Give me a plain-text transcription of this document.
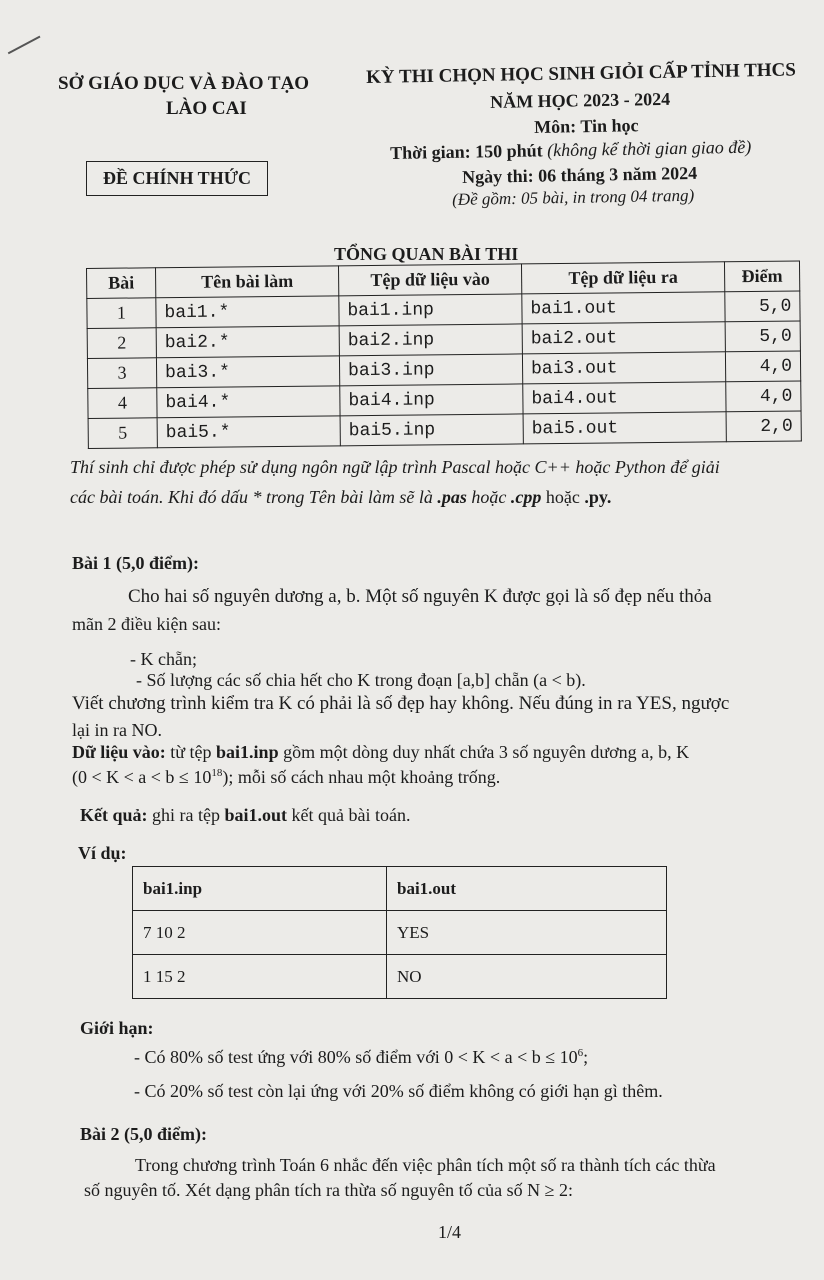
SỞ GIÁO DỤC VÀ ĐÀO TẠO
LÀO CAI
KỲ THI CHỌN HỌC SINH GIỎI CẤP TỈNH THCS
NĂM HỌC 2023 - 2024
Môn: Tin học
Thời gian: 150 phút (không kể thời gian giao đề)
Ngày thi: 06 tháng 3 năm 2024
(Đề gồm: 05 bài, in trong 04 trang)
ĐỀ CHÍNH THỨC
TỔNG QUAN BÀI THI
Bài	Tên bài làm	Tệp dữ liệu vào	Tệp dữ liệu ra	Điểm
1	bai1.*	bai1.inp	bai1.out	5,0
2	bai2.*	bai2.inp	bai2.out	5,0
3	bai3.*	bai3.inp	bai3.out	4,0
4	bai4.*	bai4.inp	bai4.out	4,0
5	bai5.*	bai5.inp	bai5.out	2,0
Thí sinh chỉ được phép sử dụng ngôn ngữ lập trình Pascal hoặc C++ hoặc Python để giải
các bài toán. Khi đó dấu * trong Tên bài làm sẽ là .pas hoặc .cpp hoặc .py.
Bài 1 (5,0 điểm):
Cho hai số nguyên dương a, b. Một số nguyên K được gọi là số đẹp nếu thỏa
mãn 2 điều kiện sau:
- K chẵn;
- Số lượng các số chia hết cho K trong đoạn [a,b] chẵn (a < b).
Viết chương trình kiểm tra K có phải là số đẹp hay không. Nếu đúng in ra YES, ngược
lại in ra NO.
Dữ liệu vào: từ tệp bai1.inp gồm một dòng duy nhất chứa 3 số nguyên dương a, b, K
$(0 < K < a < b \le 10^{18})$; mỗi số cách nhau một khoảng trống.
Kết quả: ghi ra tệp bai1.out kết quả bài toán.
Ví dụ:
bai1.inp	bai1.out
7 10 2	YES
1 15 2	NO
Giới hạn:
- Có 80% số test ứng với 80% số điểm với $0 < K < a < b \le 10^6$;
- Có 20% số test còn lại ứng với 20% số điểm không có giới hạn gì thêm.
Bài 2 (5,0 điểm):
Trong chương trình Toán 6 nhắc đến việc phân tích một số ra thành tích các thừa
số nguyên tố. Xét dạng phân tích ra thừa số nguyên tố của số N ≥ 2:
1/4
